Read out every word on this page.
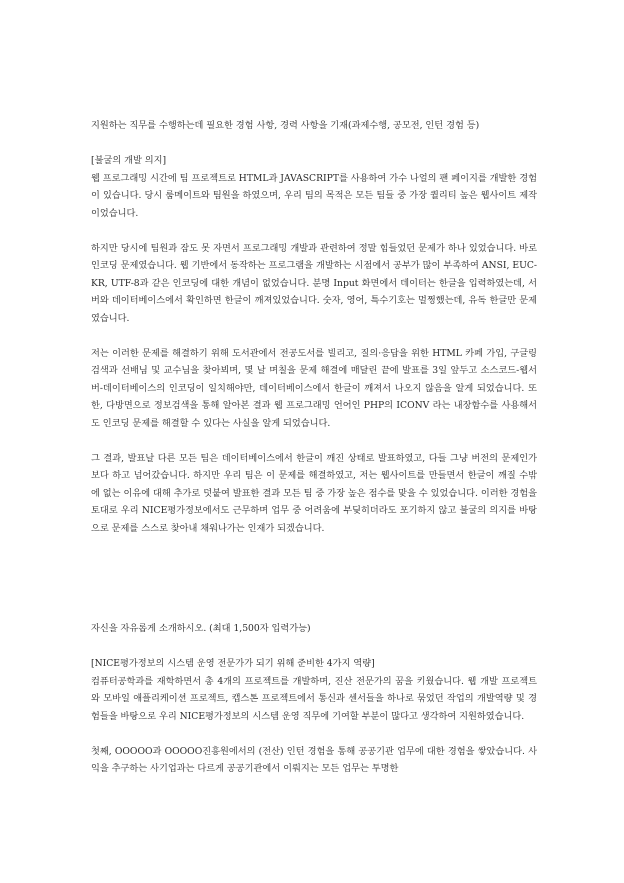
지원하는 직무를 수행하는데 필요한 경험 사항, 경력 사항을 기재(과제수행, 공모전, 인턴 경험 등)

[불굴의 개발 의지]

웹 프로그래밍 시간에 팀 프로젝트로 HTML과 JAVASCRIPT를 사용하여 가수 나얼의 팬 페이지를 개발한 경험이 있습니다. 당시 룸메이트와 팀원을 하였으며, 우리 팀의 목적은 모든 팀들 중 가장 퀄리티 높은 웹사이트 제작이었습니다.

하지만 당시에 팀원과 잠도 못 자면서 프로그래밍 개발과 관련하여 정말 힘들었던 문제가 하나 있었습니다. 바로 인코딩 문제였습니다. 웹 기반에서 동작하는 프로그램을 개발하는 시점에서 공부가 많이 부족하여 ANSI, EUC-KR, UTF-8과 같은 인코딩에 대한 개념이 없었습니다. 분명 Input 화면에서 데이터는 한글을 입력하였는데, 서버와 데이터베이스에서 확인하면 한글이 깨져있었습니다. 숫자, 영어, 특수기호는 멀쩡했는데, 유독 한글만 문제였습니다.

저는 이러한 문제를 해결하기 위해 도서관에서 전공도서를 빌리고, 질의·응답을 위한 HTML 카페 가입, 구글링 검색과 선배님 및 교수님을 찾아뵈며, 몇 날 며칠을 문제 해결에 매달린 끝에 발표를 3일 앞두고 소스코드-웹서버-데이터베이스의 인코딩이 일치해야만, 데이터베이스에서 한글이 깨져서 나오지 않음을 알게 되었습니다. 또한, 다방면으로 정보검색을 통해 알아본 결과 웹 프로그래밍 언어인 PHP의 ICONV 라는 내장함수를 사용해서도 인코딩 문제를 해결할 수 있다는 사실을 알게 되었습니다.

그 결과, 발표날 다른 모든 팀은 데이터베이스에서 한글이 깨진 상태로 발표하였고, 다들 그냥 버전의 문제인가보다 하고 넘어갔습니다. 하지만 우리 팀은 이 문제를 해결하였고, 저는 웹사이트를 만들면서 한글이 깨질 수밖에 없는 이유에 대해 추가로 덧붙여 발표한 결과 모든 팀 중 가장 높은 점수를 맞을 수 있었습니다. 이러한 경험을 토대로 우리 NICE평가정보에서도 근무하며 업무 중 어려움에 부딪히더라도 포기하지 않고 불굴의 의지를 바탕으로 문제를 스스로 찾아내 채워나가는 인재가 되겠습니다.

자신을 자유롭게 소개하시오. (최대 1,500자 입력가능)

[NICE평가정보의 시스템 운영 전문가가 되기 위해 준비한 4가지 역량]

컴퓨터공학과를 재학하면서 총 4개의 프로젝트를 개발하며, 진산 전문가의 꿈을 키웠습니다. 웹 개발 프로젝트와 모바일 애플리케이션 프로젝트, 캡스톤 프로젝트에서 통신과 센서들을 하나로 묶었던 작업의 개발역량 및 경험들을 바탕으로 우리 NICE평가정보의 시스템 운영 직무에 기여할 부분이 많다고 생각하여 지원하였습니다.

첫째, OOOOO과 OOOOO진흥원에서의 (전산) 인턴 경험을 통해 공공기관 업무에 대한 경험을 쌓았습니다. 사익을 추구하는 사기업과는 다르게 공공기관에서 이뤄지는 모든 업무는 투명한
